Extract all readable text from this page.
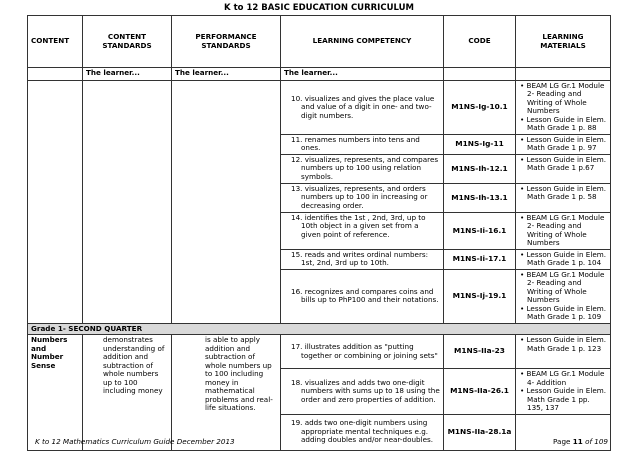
K to 12 BASIC EDUCATION CURRICULUM
CONTENT	CONTENT STANDARDS	PERFORMANCE STANDARDS	LEARNING COMPETENCY	CODE	LEARNING MATERIALS
	The learner...	The learner...	The learner...		
			10. visualizes and gives the place value and value of a digit in one- and two-digit numbers.	M1NS-Ig-10.1	• BEAM LG Gr.1 Module 2- Reading and Writing of Whole Numbers
• Lesson Guide in Elem. Math Grade 1 p. 88

			11. renames numbers into tens and ones.	M1NS-Ig-11	• Lesson Guide in Elem. Math Grade 1 p. 97

			12. visualizes, represents, and compares numbers up to 100 using relation symbols.	M1NS-Ih-12.1	• Lesson Guide in Elem. Math Grade 1 p.67

			13. visualizes, represents, and orders numbers up to 100 in increasing or decreasing order.	M1NS-Ih-13.1	• Lesson Guide in Elem. Math Grade 1 p. 58

			14. identifies the 1st , 2nd, 3rd, up to 10th object in a given set from a given point of reference.	M1NS-Ii-16.1	• BEAM LG Gr.1 Module 2- Reading and Writing of Whole Numbers

			15. reads and writes ordinal numbers: 1st, 2nd, 3rd up to 10th.	M1NS-Ii-17.1	• Lesson Guide in Elem. Math Grade 1 p. 104

			16. recognizes and compares coins and bills up to PhP100 and their notations.	M1NS-Ij-19.1	• BEAM LG Gr.1 Module 2- Reading and Writing of Whole Numbers
• Lesson Guide in Elem. Math Grade 1 p. 109

Grade 1- SECOND QUARTER					
Numbers and Number Sense	demonstrates understanding of addition and subtraction of whole numbers up to 100 including money	is able to apply addition and subtraction of whole numbers up to 100 including money in mathematical problems and real-life situations.	17. illustrates addition as "putting together or combining or joining sets"	M1NS-IIa-23	• Lesson Guide in Elem. Math Grade 1 p. 123

			18. visualizes and adds two one-digit numbers with sums up to 18 using the order and zero properties of addition.	M1NS-IIa-26.1	• BEAM LG Gr.1 Module 4- Addition
• Lesson Guide in Elem. Math Grade 1 pp. 135, 137

			19. adds two one-digit numbers using appropriate mental techniques e.g. adding doubles and/or near-doubles.	M1NS-IIa-28.1a	
K to 12 Mathematics Curriculum Guide December 2013	Page 11 of 109
